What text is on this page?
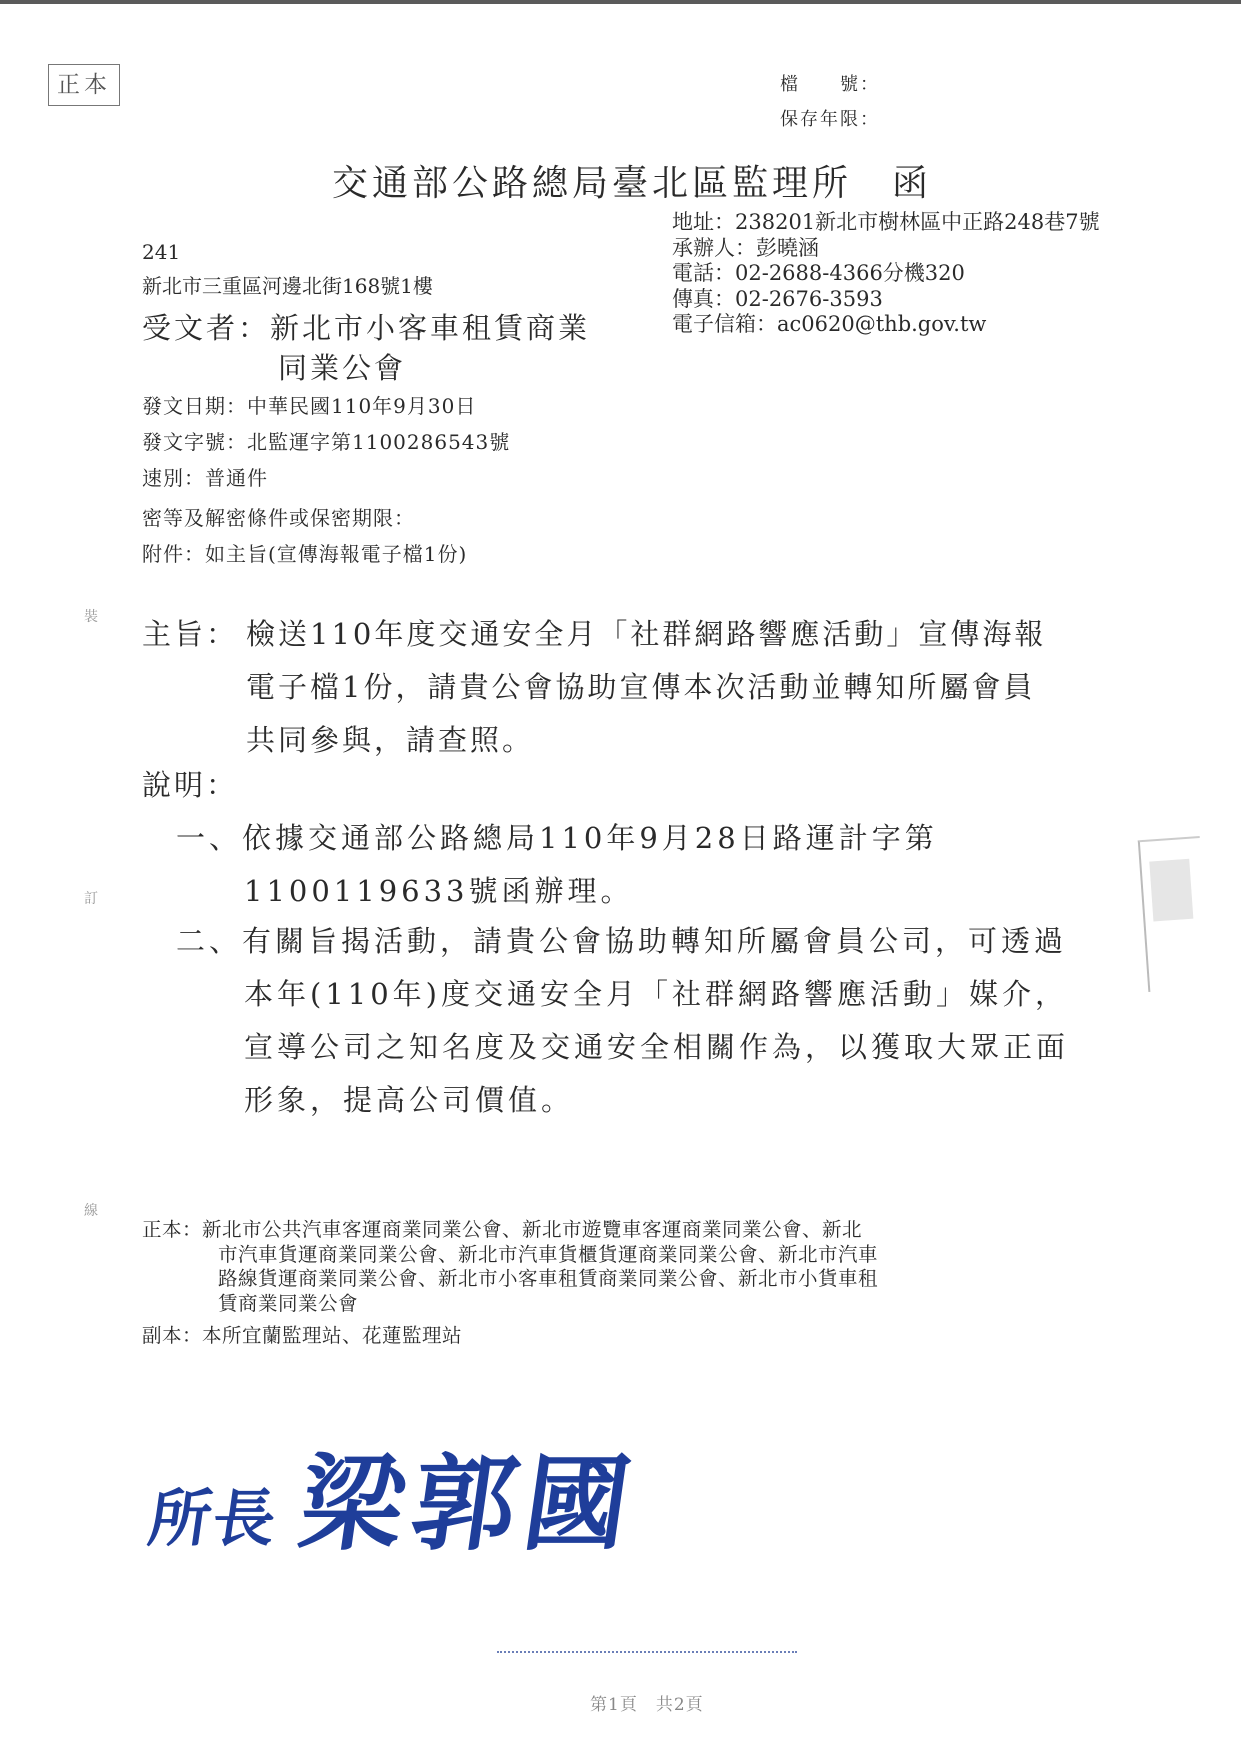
正本	檔　　號：
保存年限：
交通部公路總局臺北區監理所　函
地址：238201新北市樹林區中正路248巷7號
承辦人：彭曉涵
電話：02-2688-4366分機320
傳真：02-2676-3593
電子信箱：ac0620@thb.gov.tw
241
新北市三重區河邊北街168號1樓
受文者：新北市小客車租賃商業
同業公會
發文日期：中華民國110年9月30日
發文字號：北監運字第1100286543號
速別：普通件
密等及解密條件或保密期限：
附件：如主旨(宣傳海報電子檔1份)
主旨： 檢送110年度交通安全月「社群網路響應活動」宣傳海報
電子檔1份，請貴公會協助宣傳本次活動並轉知所屬會員
共同參與，請查照。
說明：
一、依據交通部公路總局110年9月28日路運計字第
1100119633號函辦理。
二、有關旨揭活動，請貴公會協助轉知所屬會員公司，可透過
本年(110年)度交通安全月「社群網路響應活動」媒介，
宣導公司之知名度及交通安全相關作為，以獲取大眾正面
形象，提高公司價值。
正本：新北市公共汽車客運商業同業公會、新北市遊覽車客運商業同業公會、新北
市汽車貨運商業同業公會、新北市汽車貨櫃貨運商業同業公會、新北市汽車
路線貨運商業同業公會、新北市小客車租賃商業同業公會、新北市小貨車租
賃商業同業公會
副本：本所宜蘭監理站、花蓮監理站
所長 梁郭國
裝
訂
線
第1頁　共2頁
